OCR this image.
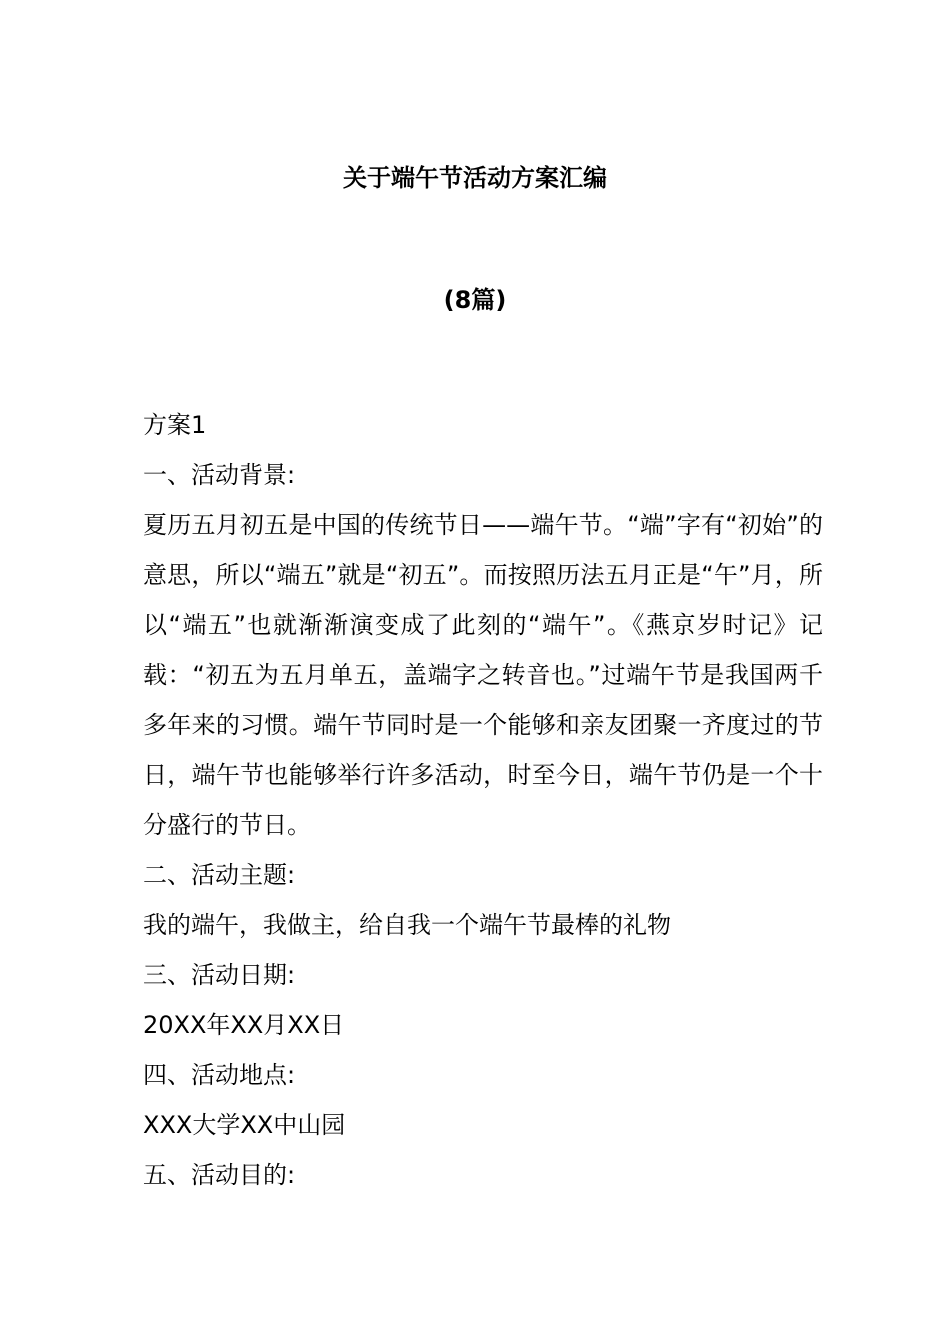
关于端午节活动方案汇编
(8篇)

方案1

一、活动背景:

夏历五月初五是中国的传统节日——端午节。“端”字有“初始”的意思，所以“端五”就是“初五”。而按照历法五月正是“午”月，所以“端五”也就渐渐演变成了此刻的“端午”。《燕京岁时记》记载：“初五为五月单五，盖端字之转音也。”过端午节是我国两千多年来的习惯。端午节同时是一个能够和亲友团聚一齐度过的节日，端午节也能够举行许多活动，时至今日，端午节仍是一个十分盛行的节日。

二、活动主题:

我的端午，我做主，给自我一个端午节最棒的礼物

三、活动日期:

20XX年XX月XX日

四、活动地点:

XXX大学XX中山园

五、活动目的:
